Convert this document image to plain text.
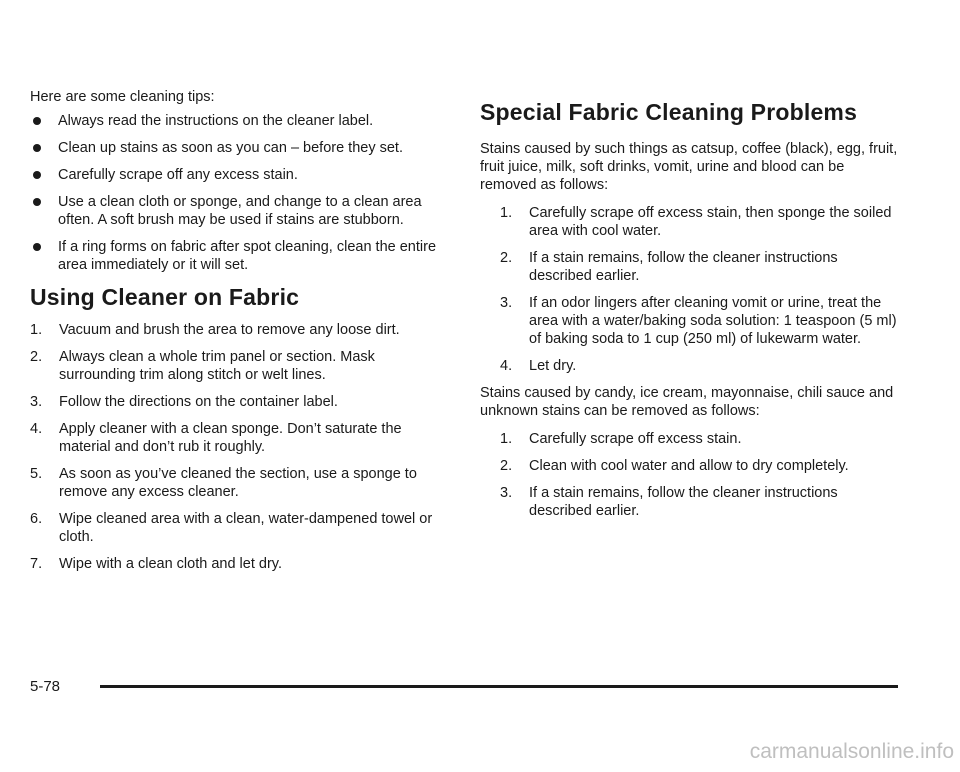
Here are some cleaning tips:

Always read the instructions on the cleaner label.
Clean up stains as soon as you can – before they set.
Carefully scrape off any excess stain.
Use a clean cloth or sponge, and change to a clean area often. A soft brush may be used if stains are stubborn.
If a ring forms on fabric after spot cleaning, clean the entire area immediately or it will set.
Using Cleaner on Fabric
1. Vacuum and brush the area to remove any loose dirt.
2. Always clean a whole trim panel or section. Mask surrounding trim along stitch or welt lines.
3. Follow the directions on the container label.
4. Apply cleaner with a clean sponge. Don’t saturate the material and don’t rub it roughly.
5. As soon as you’ve cleaned the section, use a sponge to remove any excess cleaner.
6. Wipe cleaned area with a clean, water-dampened towel or cloth.
7. Wipe with a clean cloth and let dry.
Special Fabric Cleaning Problems

Stains caused by such things as catsup, coffee (black), egg, fruit, fruit juice, milk, soft drinks, vomit, urine and blood can be removed as follows:

1. Carefully scrape off excess stain, then sponge the soiled area with cool water.
2. If a stain remains, follow the cleaner instructions described earlier.
3. If an odor lingers after cleaning vomit or urine, treat the area with a water/baking soda solution: 1 teaspoon (5 ml) of baking soda to 1 cup (250 ml) of lukewarm water.
4. Let dry.

Stains caused by candy, ice cream, mayonnaise, chili sauce and unknown stains can be removed as follows:

1. Carefully scrape off excess stain.
2. Clean with cool water and allow to dry completely.
3. If a stain remains, follow the cleaner instructions described earlier.
5-78
carmanualsonline.info
